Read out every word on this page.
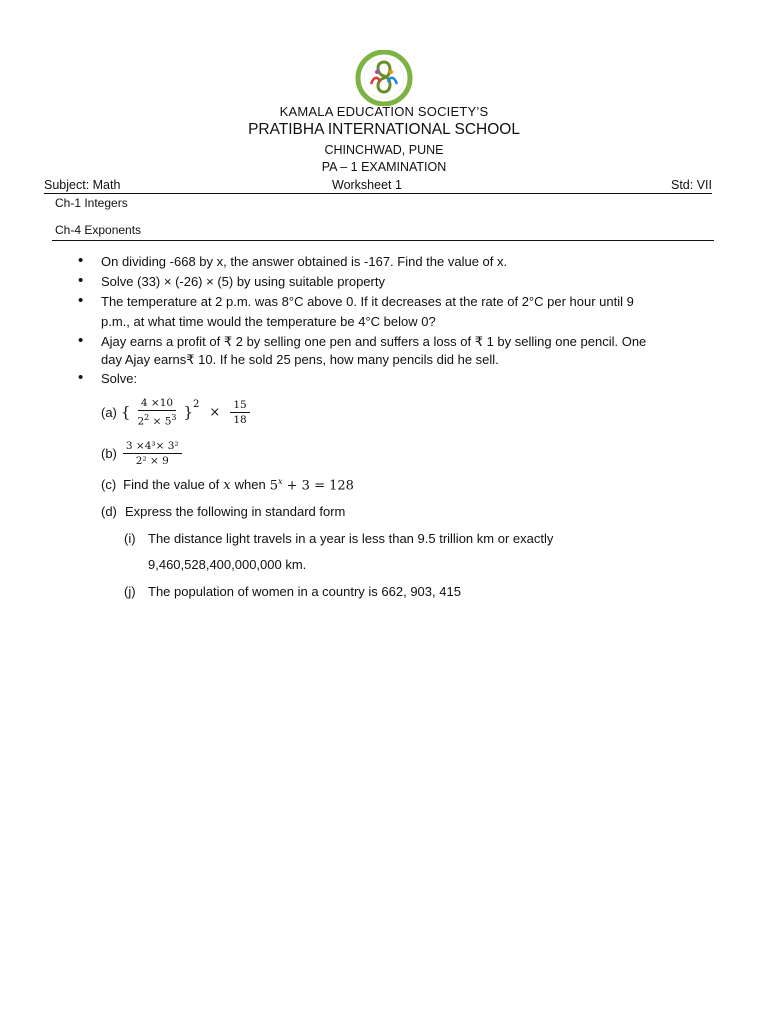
KAMALA EDUCATION SOCIETY’S
PRATIBHA INTERNATIONAL SCHOOL
CHINCHWAD, PUNE
PA – 1 EXAMINATION
Subject: Math	Worksheet 1	Std: VII
Ch-1 Integers
Ch-4 Exponents
•
On dividing -668 by x, the answer obtained is -167. Find the value of x.
•
Solve (33) × (-26) × (5) by using suitable property
•
The temperature at 2 p.m. was 8°C above 0. If it decreases at the rate of 2°C per hour until 9
p.m., at what time would the temperature be 4°C below 0?
•
Ajay earns a profit of ₹ 2 by selling one pen and suffers a loss of ₹ 1 by selling one pencil. One
day Ajay earns₹ 10. If he sold 25 pens, how many pencils did he sell.
•
Solve:
(a) { $\frac{4 \times 10}{2^2 \times 5^3} \}^2 \times \frac{15}{18}$
$(b) \frac{\text{3 ×4³× 3²}}{\text{2² × 9}}$
(c) Find the value of x when $5^x + 3 = 128$
(d) Express the following in standard form
(i) The distance light travels in a year is less than 9.5 trillion km or exactly
9,460,528,400,000,000 km.
(j) The population of women in a country is 662, 903, 415
